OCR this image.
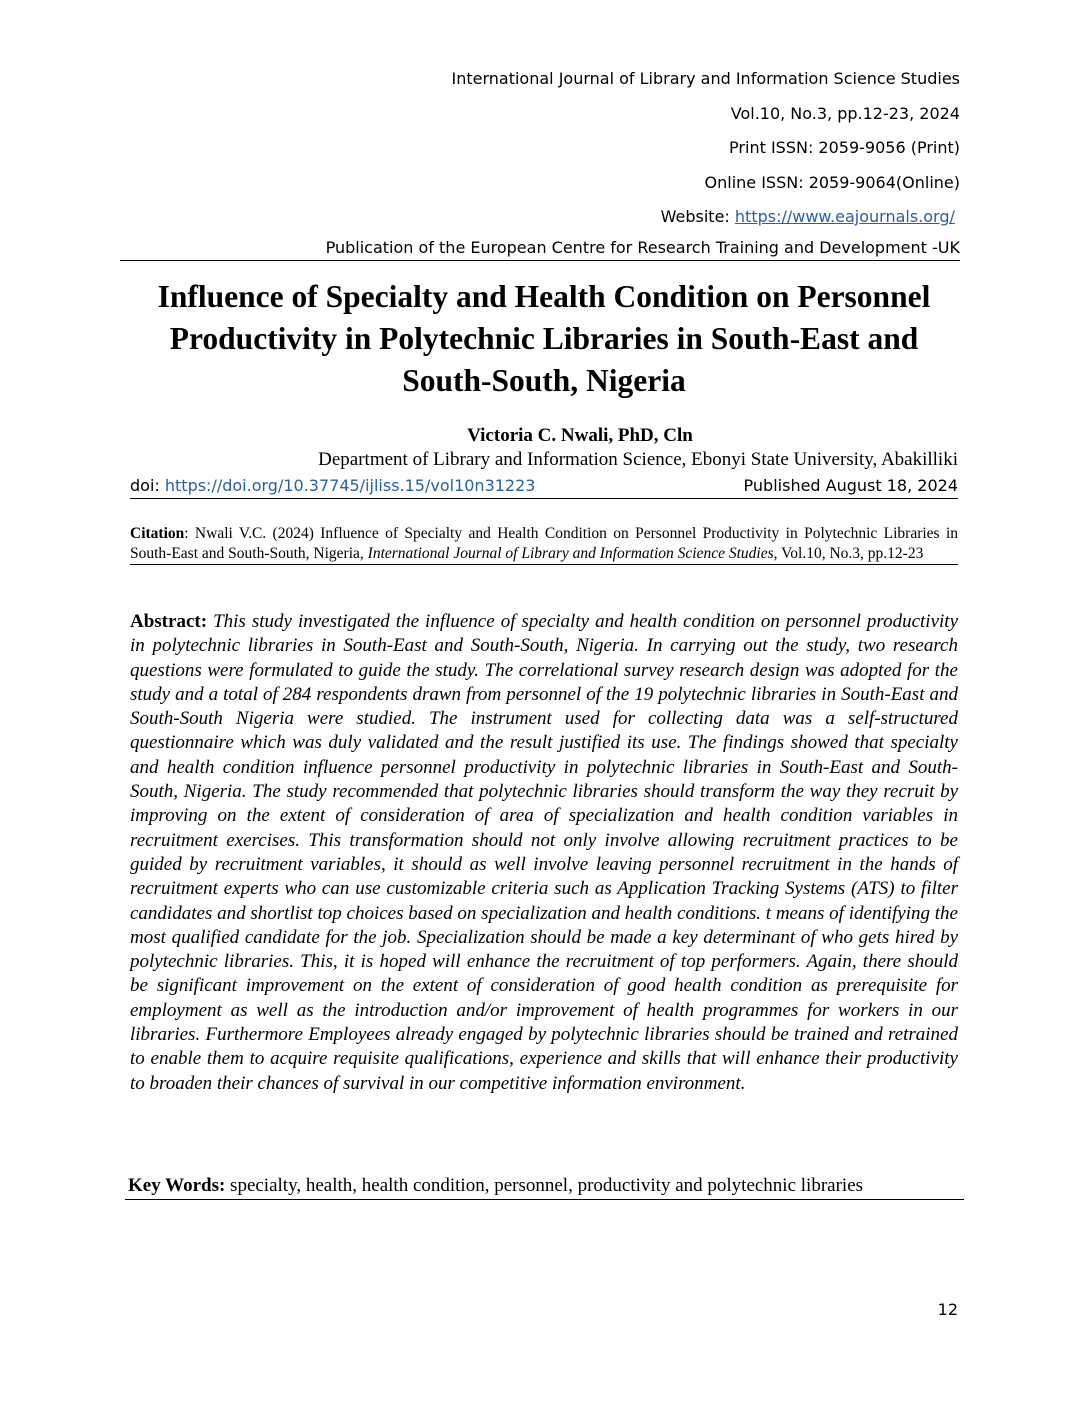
International Journal of Library and Information Science Studies
Vol.10, No.3, pp.12-23, 2024
Print ISSN: 2059-9056 (Print)
Online ISSN: 2059-9064(Online)
Website: https://www.eajournals.org/
Publication of the European Centre for Research Training and Development -UK
Influence of Specialty and Health Condition on Personnel Productivity in Polytechnic Libraries in South-East and South-South, Nigeria
Victoria C. Nwali, PhD, Cln
Department of Library and Information Science, Ebonyi State University, Abakilliki
doi: https://doi.org/10.37745/ijliss.15/vol10n31223	Published August 18, 2024
Citation: Nwali V.C. (2024) Influence of Specialty and Health Condition on Personnel Productivity in Polytechnic Libraries in South-East and South-South, Nigeria, International Journal of Library and Information Science Studies, Vol.10, No.3, pp.12-23
Abstract: This study investigated the influence of specialty and health condition on personnel productivity in polytechnic libraries in South-East and South-South, Nigeria. In carrying out the study, two research questions were formulated to guide the study. The correlational survey research design was adopted for the study and a total of 284 respondents drawn from personnel of the 19 polytechnic libraries in South-East and South-South Nigeria were studied. The instrument used for collecting data was a self-structured questionnaire which was duly validated and the result justified its use. The findings showed that specialty and health condition influence personnel productivity in polytechnic libraries in South-East and South-South, Nigeria. The study recommended that polytechnic libraries should transform the way they recruit by improving on the extent of consideration of area of specialization and health condition variables in recruitment exercises. This transformation should not only involve allowing recruitment practices to be guided by recruitment variables, it should as well involve leaving personnel recruitment in the hands of recruitment experts who can use customizable criteria such as Application Tracking Systems (ATS) to filter candidates and shortlist top choices based on specialization and health conditions. t means of identifying the most qualified candidate for the job. Specialization should be made a key determinant of who gets hired by polytechnic libraries. This, it is hoped will enhance the recruitment of top performers. Again, there should be significant improvement on the extent of consideration of good health condition as prerequisite for employment as well as the introduction and/or improvement of health programmes for workers in our libraries. Furthermore Employees already engaged by polytechnic libraries should be trained and retrained to enable them to acquire requisite qualifications, experience and skills that will enhance their productivity to broaden their chances of survival in our competitive information environment.
Key Words: specialty, health, health condition, personnel, productivity and polytechnic libraries
12
